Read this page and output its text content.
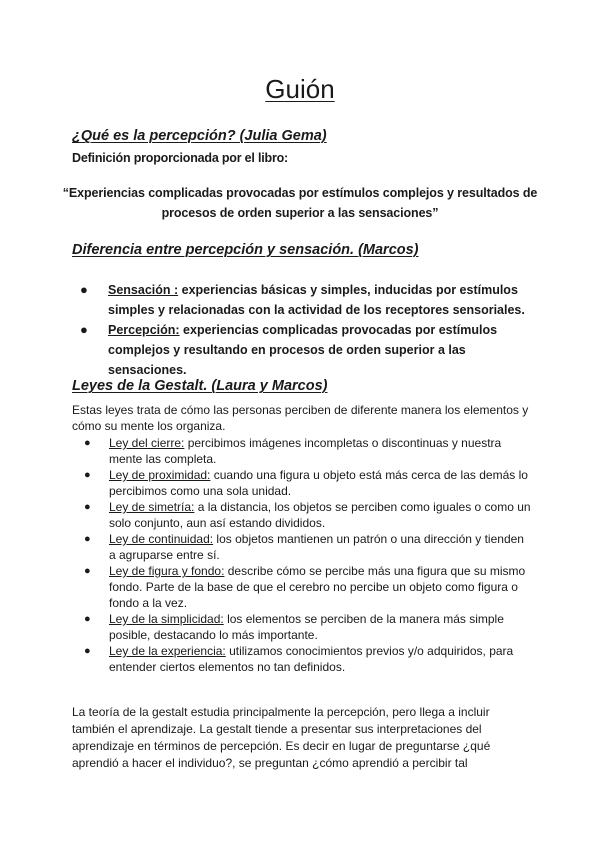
Guión
¿Qué es la percepción? (Julia Gema)

Definición proporcionada por el libro:

“Experiencias complicadas provocadas por estímulos complejos y resultados de
procesos de orden superior a las sensaciones”

Diferencia entre percepción y sensación. (Marcos)
● Sensación : experiencias básicas y simples, inducidas por estímulos simples y relacionadas con la actividad de los receptores sensoriales.
● Percepción: experiencias complicadas provocadas por estímulos complejos y resultando en procesos de orden superior a las sensaciones.
Leyes de la Gestalt. (Laura y Marcos)

Estas leyes trata de cómo las personas perciben de diferente manera los elementos y cómo su mente los organiza.

● Ley del cierre: percibimos imágenes incompletas o discontinuas y nuestra mente las completa.
● Ley de proximidad: cuando una figura u objeto está más cerca de las demás lo percibimos como una sola unidad.
● Ley de simetría: a la distancia, los objetos se perciben como iguales o como un solo conjunto, aun así estando divididos.
● Ley de continuidad: los objetos mantienen un patrón o una dirección y tienden a agruparse entre sí.
● Ley de figura y fondo: describe cómo se percibe más una figura que su mismo fondo. Parte de la base de que el cerebro no percibe un objeto como figura o fondo a la vez.
● Ley de la simplicidad: los elementos se perciben de la manera más simple posible, destacando lo más importante.
● Ley de la experiencia: utilizamos conocimientos previos y/o adquiridos, para entender ciertos elementos no tan definidos.

La teoría de la gestalt estudia principalmente la percepción, pero llega a incluir también el aprendizaje. La gestalt tiende a presentar sus interpretaciones del aprendizaje en términos de percepción. Es decir en lugar de preguntarse ¿qué aprendió a hacer el individuo?, se preguntan ¿cómo aprendió a percibir tal
